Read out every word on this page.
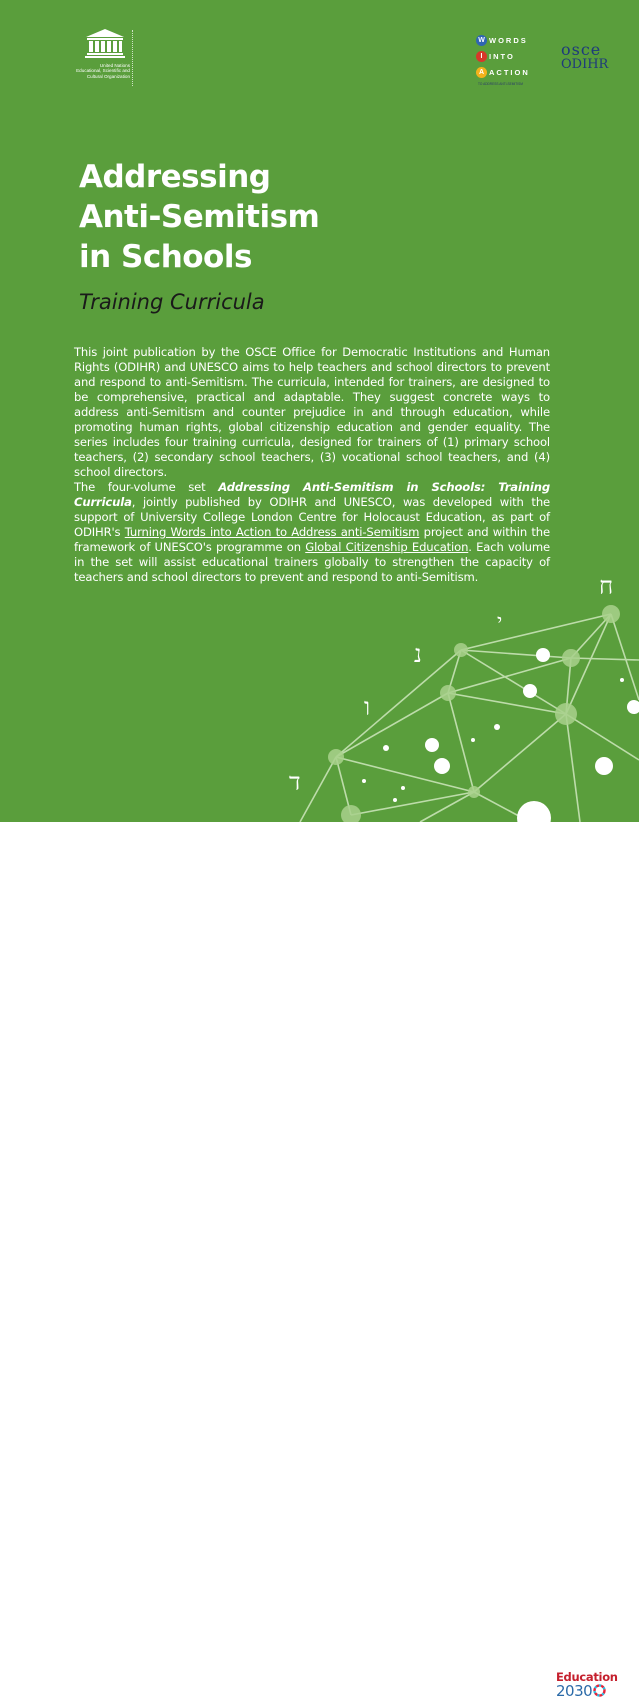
United Nations
Educational, Scientific and
Cultural Organization
W WORDS
I INTO
A ACTION
TO ADDRESS ANTI-SEMITISM
osce
ODIHR
Addressing
Anti-Semitism
in Schools
Training Curricula
This joint publication by the OSCE Office for Democratic Institutions and Human Rights (ODIHR) and UNESCO aims to help teachers and school directors to prevent and respond to anti-Semitism. The curricula, intended for trainers, are designed to be comprehensive, practical and adaptable. They suggest concrete ways to address anti-Semitism and counter prejudice in and through education, while promoting human rights, global citizenship education and gender equality. The series includes four training curricula, designed for trainers of (1) primary school teachers, (2) secondary school teachers, (3) vocational school teachers, and (4) school directors.
The four-volume set Addressing Anti-Semitism in Schools: Training Curricula, jointly published by ODIHR and UNESCO, was developed with the support of University College London Centre for Holocaust Education, as part of ODIHR's Turning Words into Action to Address anti-Semitism project and within the framework of UNESCO's programme on Global Citizenship Education. Each volume in the set will assist educational trainers globally to strengthen the capacity of teachers and school directors to prevent and respond to anti-Semitism.	ח
י
נ
ו
ד
Education
2030
